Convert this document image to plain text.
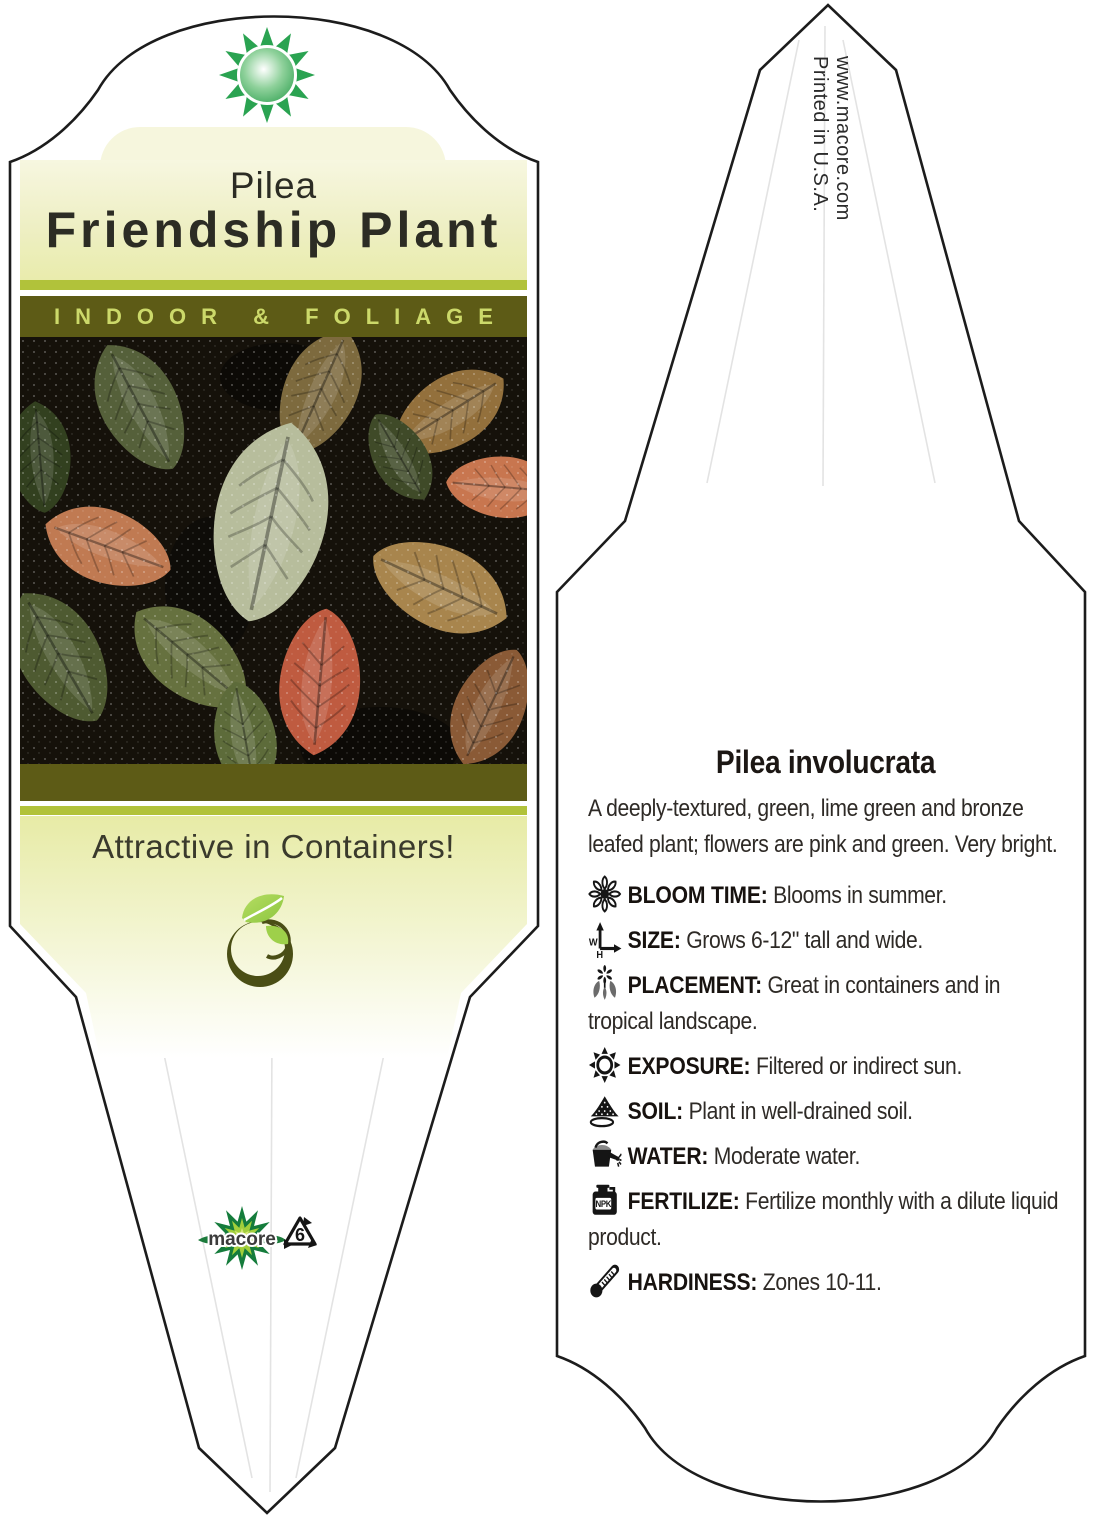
Pilea
Friendship Plant
INDOOR & FOLIAGE
Attractive in Containers!
macore 6
Printed in U.S.A. www.macore.com
Pilea involucrata

A deeply-textured, green, lime green and bronze leafed plant; flowers are pink and green. Very bright.

BLOOM TIME: Blooms in summer.

W
H
SIZE: Grows 6-12" tall and wide.

PLACEMENT: Great in containers and in tropical landscape.

EXPOSURE: Filtered or indirect sun.

SOIL: Plant in well-drained soil.

WATER: Moderate water.

NPK FERTILIZE: Fertilize monthly with a dilute liquid product.

HARDINESS: Zones 10-11.
